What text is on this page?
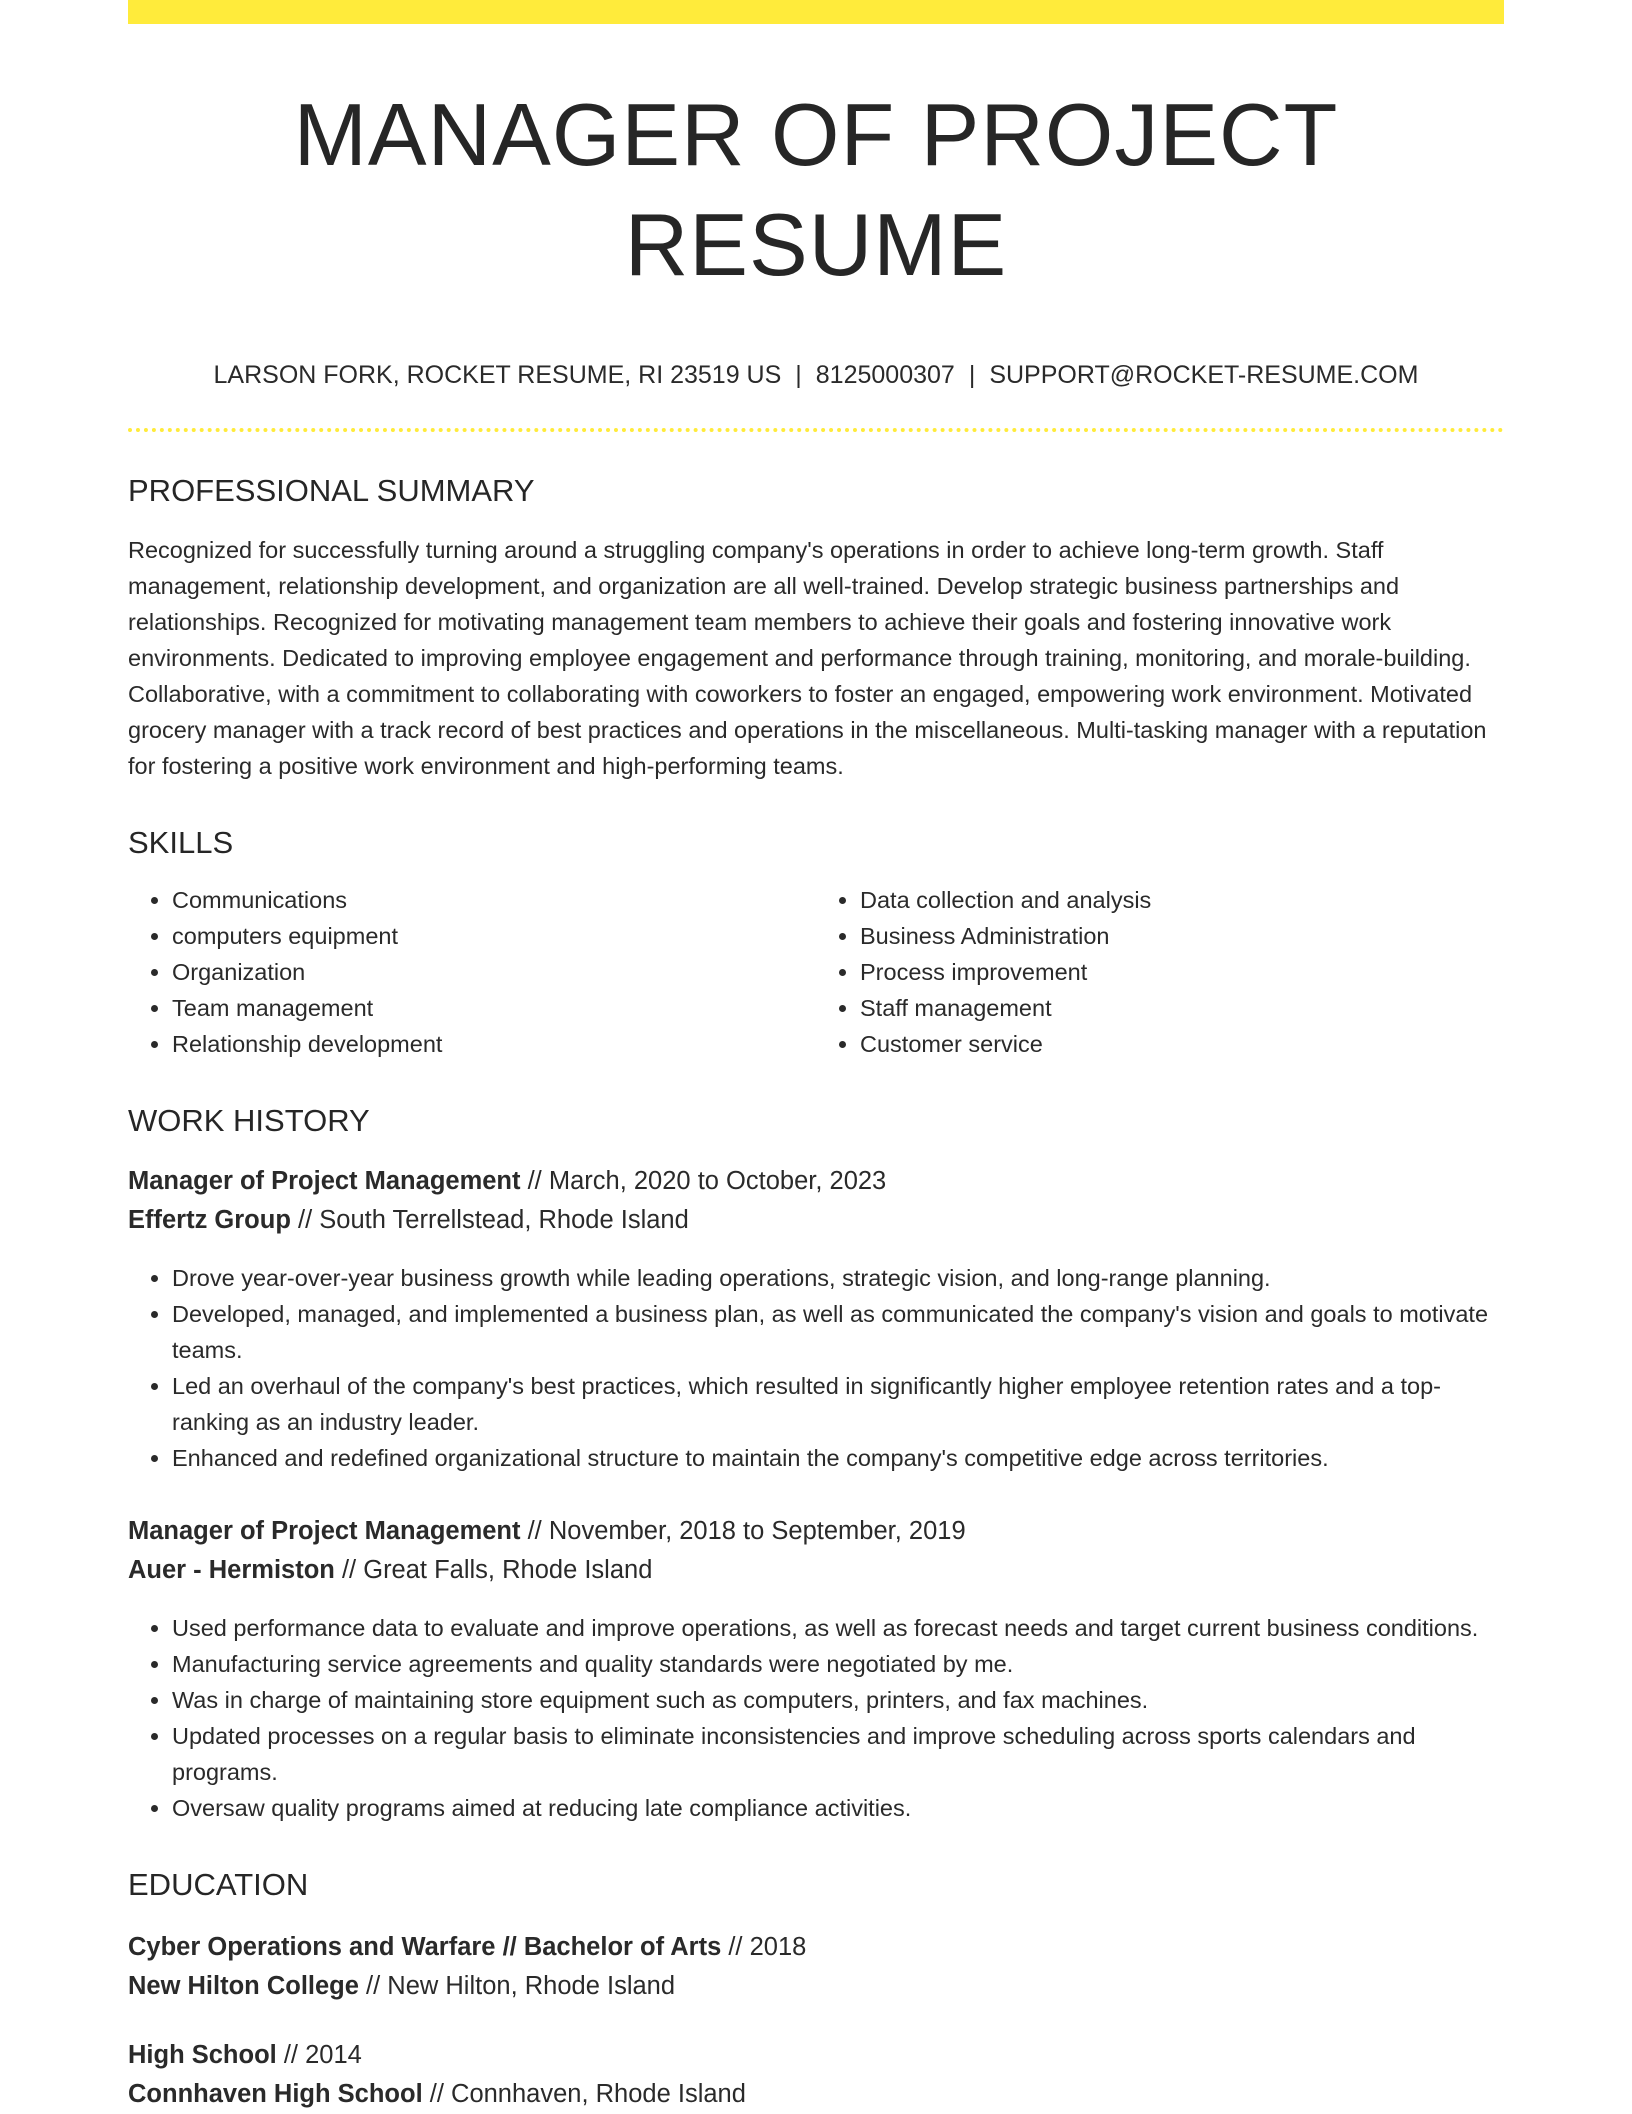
MANAGER OF PROJECT RESUME
LARSON FORK, ROCKET RESUME, RI 23519 US | 8125000307 | SUPPORT@ROCKET-RESUME.COM
PROFESSIONAL SUMMARY
Recognized for successfully turning around a struggling company's operations in order to achieve long-term growth. Staff management, relationship development, and organization are all well-trained. Develop strategic business partnerships and relationships. Recognized for motivating management team members to achieve their goals and fostering innovative work environments. Dedicated to improving employee engagement and performance through training, monitoring, and morale-building. Collaborative, with a commitment to collaborating with coworkers to foster an engaged, empowering work environment. Motivated grocery manager with a track record of best practices and operations in the miscellaneous. Multi-tasking manager with a reputation for fostering a positive work environment and high-performing teams.
SKILLS
• Communications
• computers equipment
• Organization
• Team management
• Relationship development
• Data collection and analysis
• Business Administration
• Process improvement
• Staff management
• Customer service
WORK HISTORY
Manager of Project Management // March, 2020 to October, 2023
Effertz Group // South Terrellstead, Rhode Island
• Drove year-over-year business growth while leading operations, strategic vision, and long-range planning.
• Developed, managed, and implemented a business plan, as well as communicated the company's vision and goals to motivate teams.
• Led an overhaul of the company's best practices, which resulted in significantly higher employee retention rates and a top-ranking as an industry leader.
• Enhanced and redefined organizational structure to maintain the company's competitive edge across territories.
Manager of Project Management // November, 2018 to September, 2019
Auer - Hermiston // Great Falls, Rhode Island
• Used performance data to evaluate and improve operations, as well as forecast needs and target current business conditions.
• Manufacturing service agreements and quality standards were negotiated by me.
• Was in charge of maintaining store equipment such as computers, printers, and fax machines.
• Updated processes on a regular basis to eliminate inconsistencies and improve scheduling across sports calendars and programs.
• Oversaw quality programs aimed at reducing late compliance activities.
EDUCATION
Cyber Operations and Warfare // Bachelor of Arts // 2018
New Hilton College // New Hilton, Rhode Island
High School // 2014
Connhaven High School // Connhaven, Rhode Island
